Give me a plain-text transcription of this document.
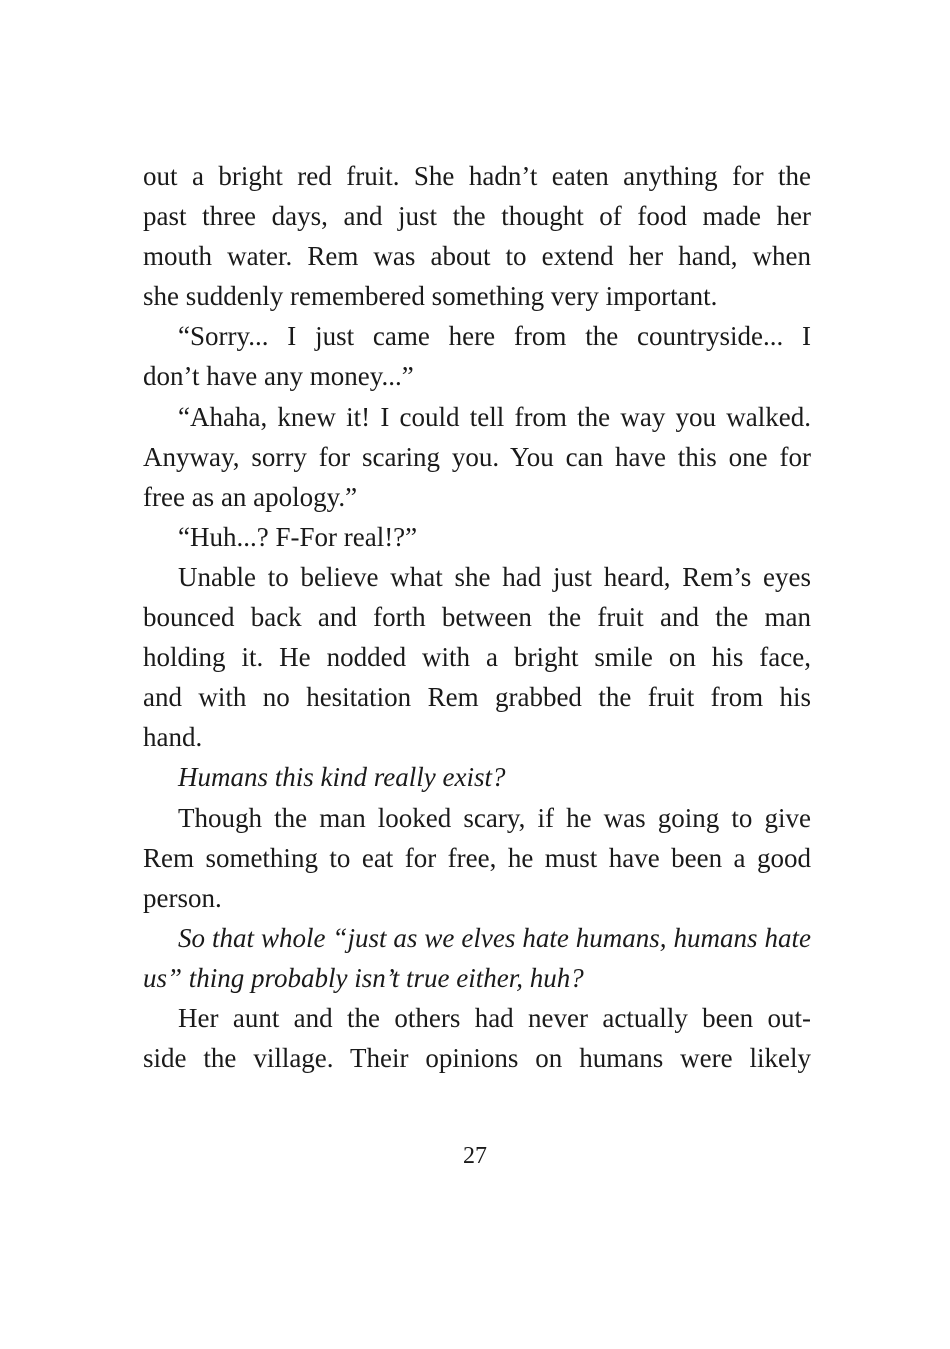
out a bright red fruit. She hadn’t eaten anything for the
past three days, and just the thought of food made her
mouth water. Rem was about to extend her hand, when
she suddenly remembered something very important.

“Sorry... I just came here from the countryside... I
don’t have any money...”

“Ahaha, knew it! I could tell from the way you walked.
Anyway, sorry for scaring you. You can have this one for
free as an apology.”

“Huh...? F-For real!?”

Unable to believe what she had just heard, Rem’s eyes
bounced back and forth between the fruit and the man
holding it. He nodded with a bright smile on his face,
and with no hesitation Rem grabbed the fruit from his
hand.

Humans this kind really exist?

Though the man looked scary, if he was going to give
Rem something to eat for free, he must have been a good
person.

So that whole “just as we elves hate humans, humans hate
us” thing probably isn’t true either, huh?

Her aunt and the others had never actually been out-
side the village. Their opinions on humans were likely

27
